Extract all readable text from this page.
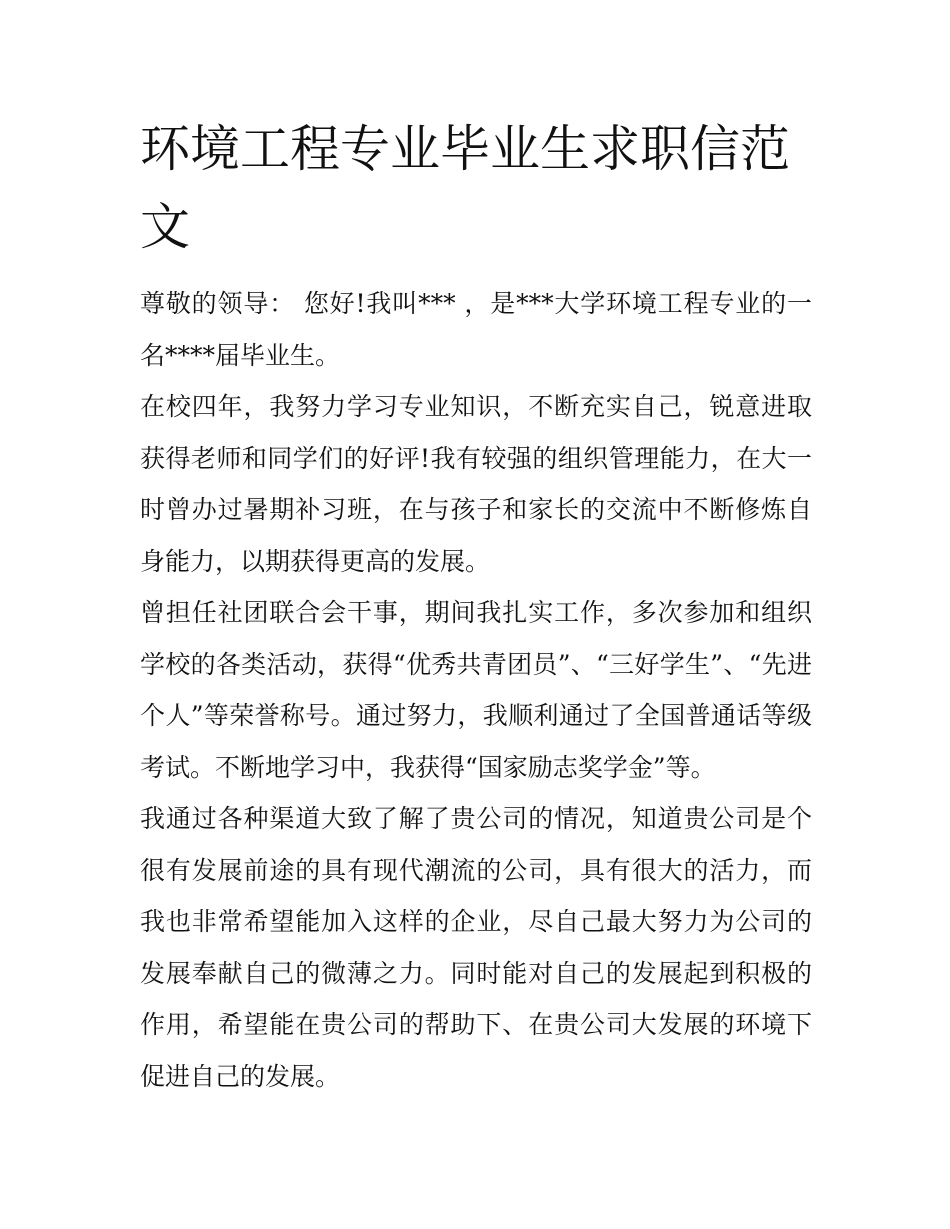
环境工程专业毕业生求职信范文

尊敬的领导： 您好!我叫*** ，是***大学环境工程专业的一名****届毕业生。

在校四年，我努力学习专业知识，不断充实自己，锐意进取获得老师和同学们的好评!我有较强的组织管理能力，在大一时曾办过暑期补习班，在与孩子和家长的交流中不断修炼自身能力，以期获得更高的发展。

曾担任社团联合会干事，期间我扎实工作，多次参加和组织学校的各类活动，获得“优秀共青团员”、“三好学生”、“先进个人”等荣誉称号。通过努力，我顺利通过了全国普通话等级考试。不断地学习中，我获得“国家励志奖学金”等。

我通过各种渠道大致了解了贵公司的情况，知道贵公司是个很有发展前途的具有现代潮流的公司，具有很大的活力，而我也非常希望能加入这样的企业，尽自己最大努力为公司的发展奉献自己的微薄之力。同时能对自己的发展起到积极的作用，希望能在贵公司的帮助下、在贵公司大发展的环境下促进自己的发展。
